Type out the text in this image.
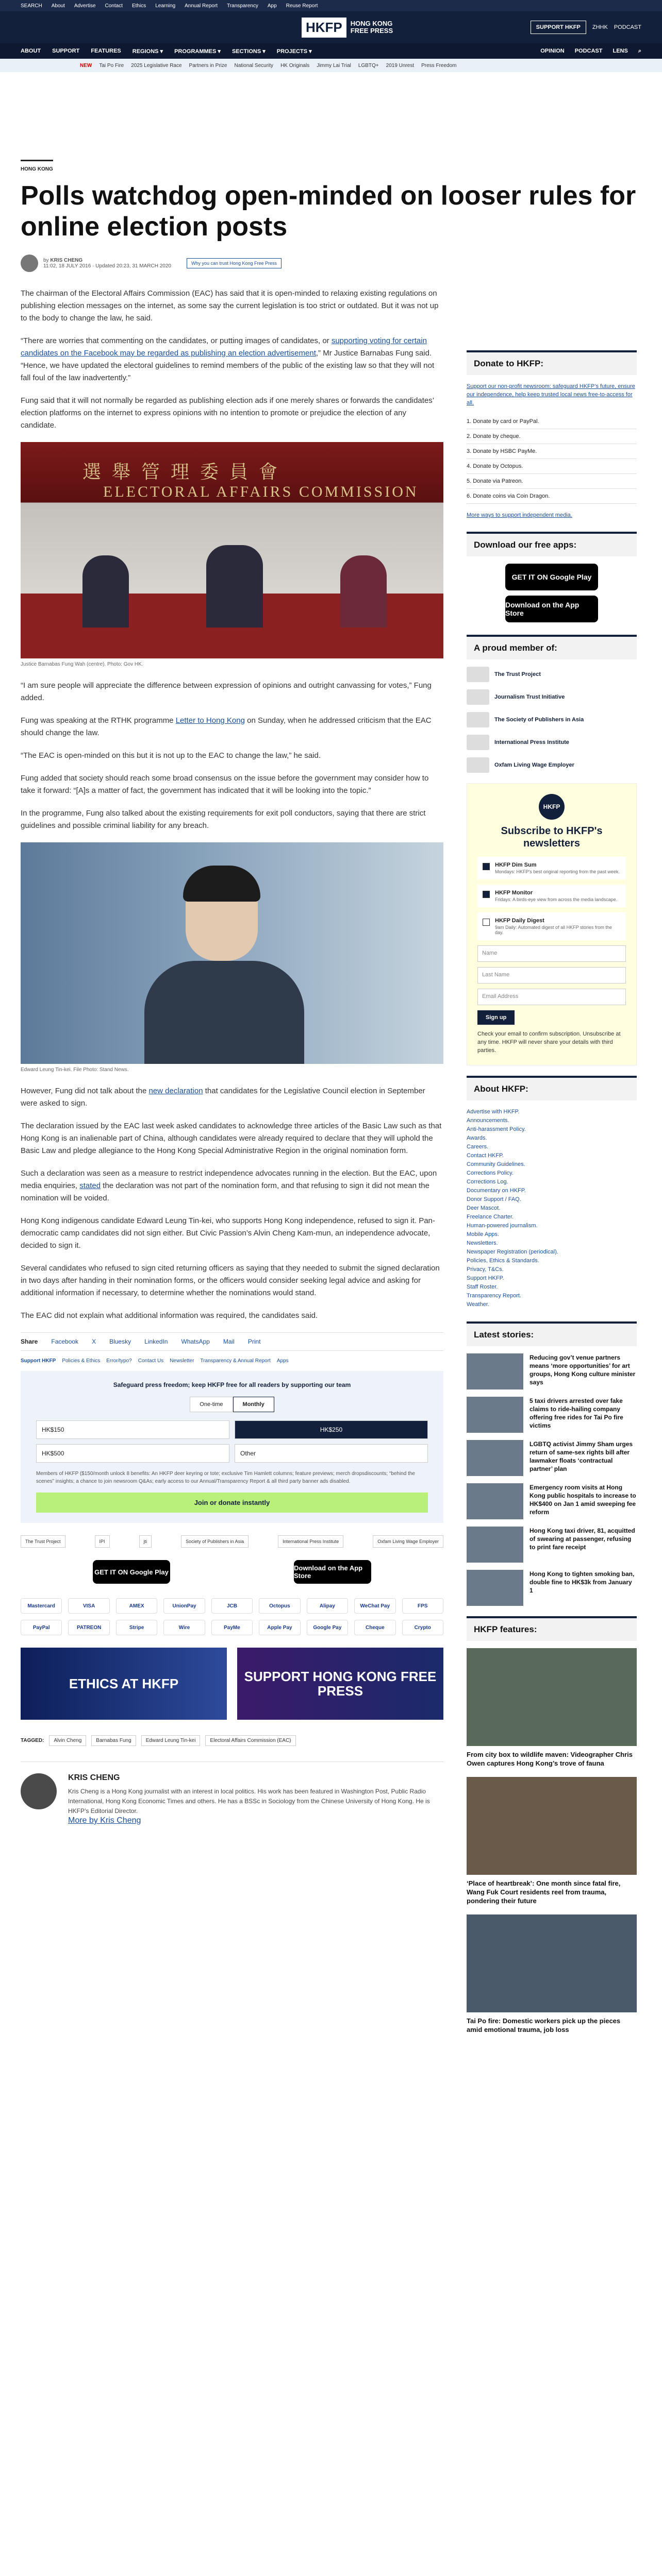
SEARCH About Advertise Contact Ethics Learning Annual Report Transparency App Reuse Report
HKFP	HONG KONG
FREE PRESS	SUPPORT HKFP	ZHHK PODCAST
ABOUT SUPPORT FEATURES REGIONS ▾ PROGRAMMES ▾ SECTIONS ▾ PROJECTS ▾	OPINION PODCAST LENS ⌕
NEW Tai Po Fire 2025 Legislative Race Partners in Prize National Security HK Originals Jimmy Lai Trial LGBTQ+ 2019 Unrest Press Freedom
HONG KONG
Polls watchdog open-minded on looser rules for online election posts
by KRIS CHENG
11:02, 18 JULY 2016 · Updated 20:23, 31 MARCH 2020	Why you can trust Hong Kong Free Press

The chairman of the Electoral Affairs Commission (EAC) has said that it is open-minded to relaxing existing regulations on publishing election messages on the internet, as some say the current legislation is too strict or outdated. But it was not up to the body to change the law, he said.

“There are worries that commenting on the candidates, or putting images of candidates, or supporting voting for certain candidates on the Facebook may be regarded as publishing an election advertisement,” Mr Justice Barnabas Fung said. “Hence, we have updated the electoral guidelines to remind members of the public of the existing law so that they will not fall foul of the law inadvertently.”

Fung said that it will not normally be regarded as publishing election ads if one merely shares or forwards the candidates’ election platforms on the internet to express opinions with no intention to promote or prejudice the election of any candidate.

選 舉 管 理 委 員 會
ELECTORAL AFFAIRS COMMISSION
Justice Barnabas Fung Wah (centre). Photo: Gov HK.

“I am sure people will appreciate the difference between expression of opinions and outright canvassing for votes,” Fung added.

Fung was speaking at the RTHK programme Letter to Hong Kong on Sunday, when he addressed criticism that the EAC should change the law.

“The EAC is open-minded on this but it is not up to the EAC to change the law,” he said.

Fung added that society should reach some broad consensus on the issue before the government may consider how to take it forward: “[A]s a matter of fact, the government has indicated that it will be looking into the topic.”

In the programme, Fung also talked about the existing requirements for exit poll conductors, saying that there are strict guidelines and possible criminal liability for any breach.

Edward Leung Tin-kei. File Photo: Stand News.

However, Fung did not talk about the new declaration that candidates for the Legislative Council election in September were asked to sign.

The declaration issued by the EAC last week asked candidates to acknowledge three articles of the Basic Law such as that Hong Kong is an inalienable part of China, although candidates were already required to declare that they will uphold the Basic Law and pledge allegiance to the Hong Kong Special Administrative Region in the original nomination form.

Such a declaration was seen as a measure to restrict independence advocates running in the election. But the EAC, upon media enquiries, stated the declaration was not part of the nomination form, and that refusing to sign it did not mean the nomination will be voided.

Hong Kong indigenous candidate Edward Leung Tin-kei, who supports Hong Kong independence, refused to sign it. Pan-democratic camp candidates did not sign either. But Civic Passion’s Alvin Cheng Kam-mun, an independence advocate, decided to sign it.

Several candidates who refused to sign cited returning officers as saying that they needed to submit the signed declaration in two days after handing in their nomination forms, or the officers would consider seeking legal advice and asking for additional information if necessary, to determine whether the nominations would stand.

The EAC did not explain what additional information was required, the candidates said.

Share Facebook X Bluesky LinkedIn WhatsApp Mail Print
Support HKFP Policies & Ethics Error/typo? Contact Us Newsletter Transparency & Annual Report Apps
Safeguard press freedom; keep HKFP free for all readers by supporting our team
One-time	Monthly
HK$150	HK$250
HK$500	Other
Members of HKFP ($150/month unlock 8 benefits: An HKFP deer keyring or tote; exclusive Tim Hamlett columns; feature previews; merch dropsdiscounts; “behind the scenes” insights; a chance to join newsroom Q&As; early access to our Annual/Transparency Report & all third party banner ads disabled.
Join or donate instantly
The Trust Project	IPI	jti	Society of Publishers in Asia	International Press Institute	Oxfam Living Wage Employer
GET IT ON Google Play	Download on the App Store
Mastercard	VISA	AMEX	UnionPay	JCB	Octopus	Alipay	WeChat Pay	FPS
PayPal	PATREON	Stripe	Wire	PayMe	Apple Pay	Google Pay	Cheque	Crypto
ETHICS AT HKFP	SUPPORT HONG KONG FREE PRESS
TAGGED:	Alvin Cheng	Barnabas Fung	Edward Leung Tin-kei	Electoral Affairs Commission (EAC)
KRIS CHENG

Kris Cheng is a Hong Kong journalist with an interest in local politics. His work has been featured in Washington Post, Public Radio International, Hong Kong Economic Times and others. He has a BSSc in Sociology from the Chinese University of Hong Kong. He is HKFP’s Editorial Director.

More by Kris Cheng
Donate to HKFP:

Support our non-profit newsroom: safeguard HKFP’s future, ensure our independence, help keep trusted local news free-to-access for all.

1. Donate by card or PayPal.
2. Donate by cheque.
3. Donate by HSBC PayMe.
4. Donate by Octopus.
5. Donate via Patreon.
6. Donate coins via Coin Dragon.

More ways to support independent media.

Download our free apps:
GET IT ON Google Play
Download on the App Store
A proud member of:
The Trust Project
Journalism Trust Initiative
The Society of Publishers in Asia
International Press Institute
Oxfam Living Wage Employer
HKFP
Subscribe to HKFP's newsletters
HKFP Dim Sum
Mondays: HKFP's best original reporting from the past week.
HKFP Monitor
Fridays: A birds-eye view from across the media landscape.
HKFP Daily Digest
9am Daily: Automated digest of all HKFP stories from the day.
Name
Last Name
Email Address
Sign up

Check your email to confirm subscription. Unsubscribe at any time. HKFP will never share your details with third parties.

About HKFP:
Advertise with HKFP.
Announcements.
Anti-harassment Policy.
Awards.
Careers.
Contact HKFP.
Community Guidelines.
Corrections Policy.
Corrections Log.
Documentary on HKFP.
Donor Support / FAQ.
Deer Mascot.
Freelance Charter.
Human-powered journalism.
Mobile Apps.
Newsletters.
Newspaper Registration (periodical).
Policies, Ethics & Standards.
Privacy, T&Cs.
Support HKFP.
Staff Roster.
Transparency Report.
Weather.
Latest stories:
Reducing gov’t venue partners means ‘more opportunities’ for art groups, Hong Kong culture minister says
5 taxi drivers arrested over fake claims to ride-hailing company offering free rides for Tai Po fire victims
LGBTQ activist Jimmy Sham urges return of same-sex rights bill after lawmaker floats ‘contractual partner’ plan
Emergency room visits at Hong Kong public hospitals to increase to HK$400 on Jan 1 amid sweeping fee reform
Hong Kong taxi driver, 81, acquitted of swearing at passenger, refusing to print fare receipt
Hong Kong to tighten smoking ban, double fine to HK$3k from January 1
HKFP features:
From city box to wildlife maven: Videographer Chris Owen captures Hong Kong’s trove of fauna
‘Place of heartbreak’: One month since fatal fire, Wang Fuk Court residents reel from trauma, pondering their future
Tai Po fire: Domestic workers pick up the pieces amid emotional trauma, job loss
